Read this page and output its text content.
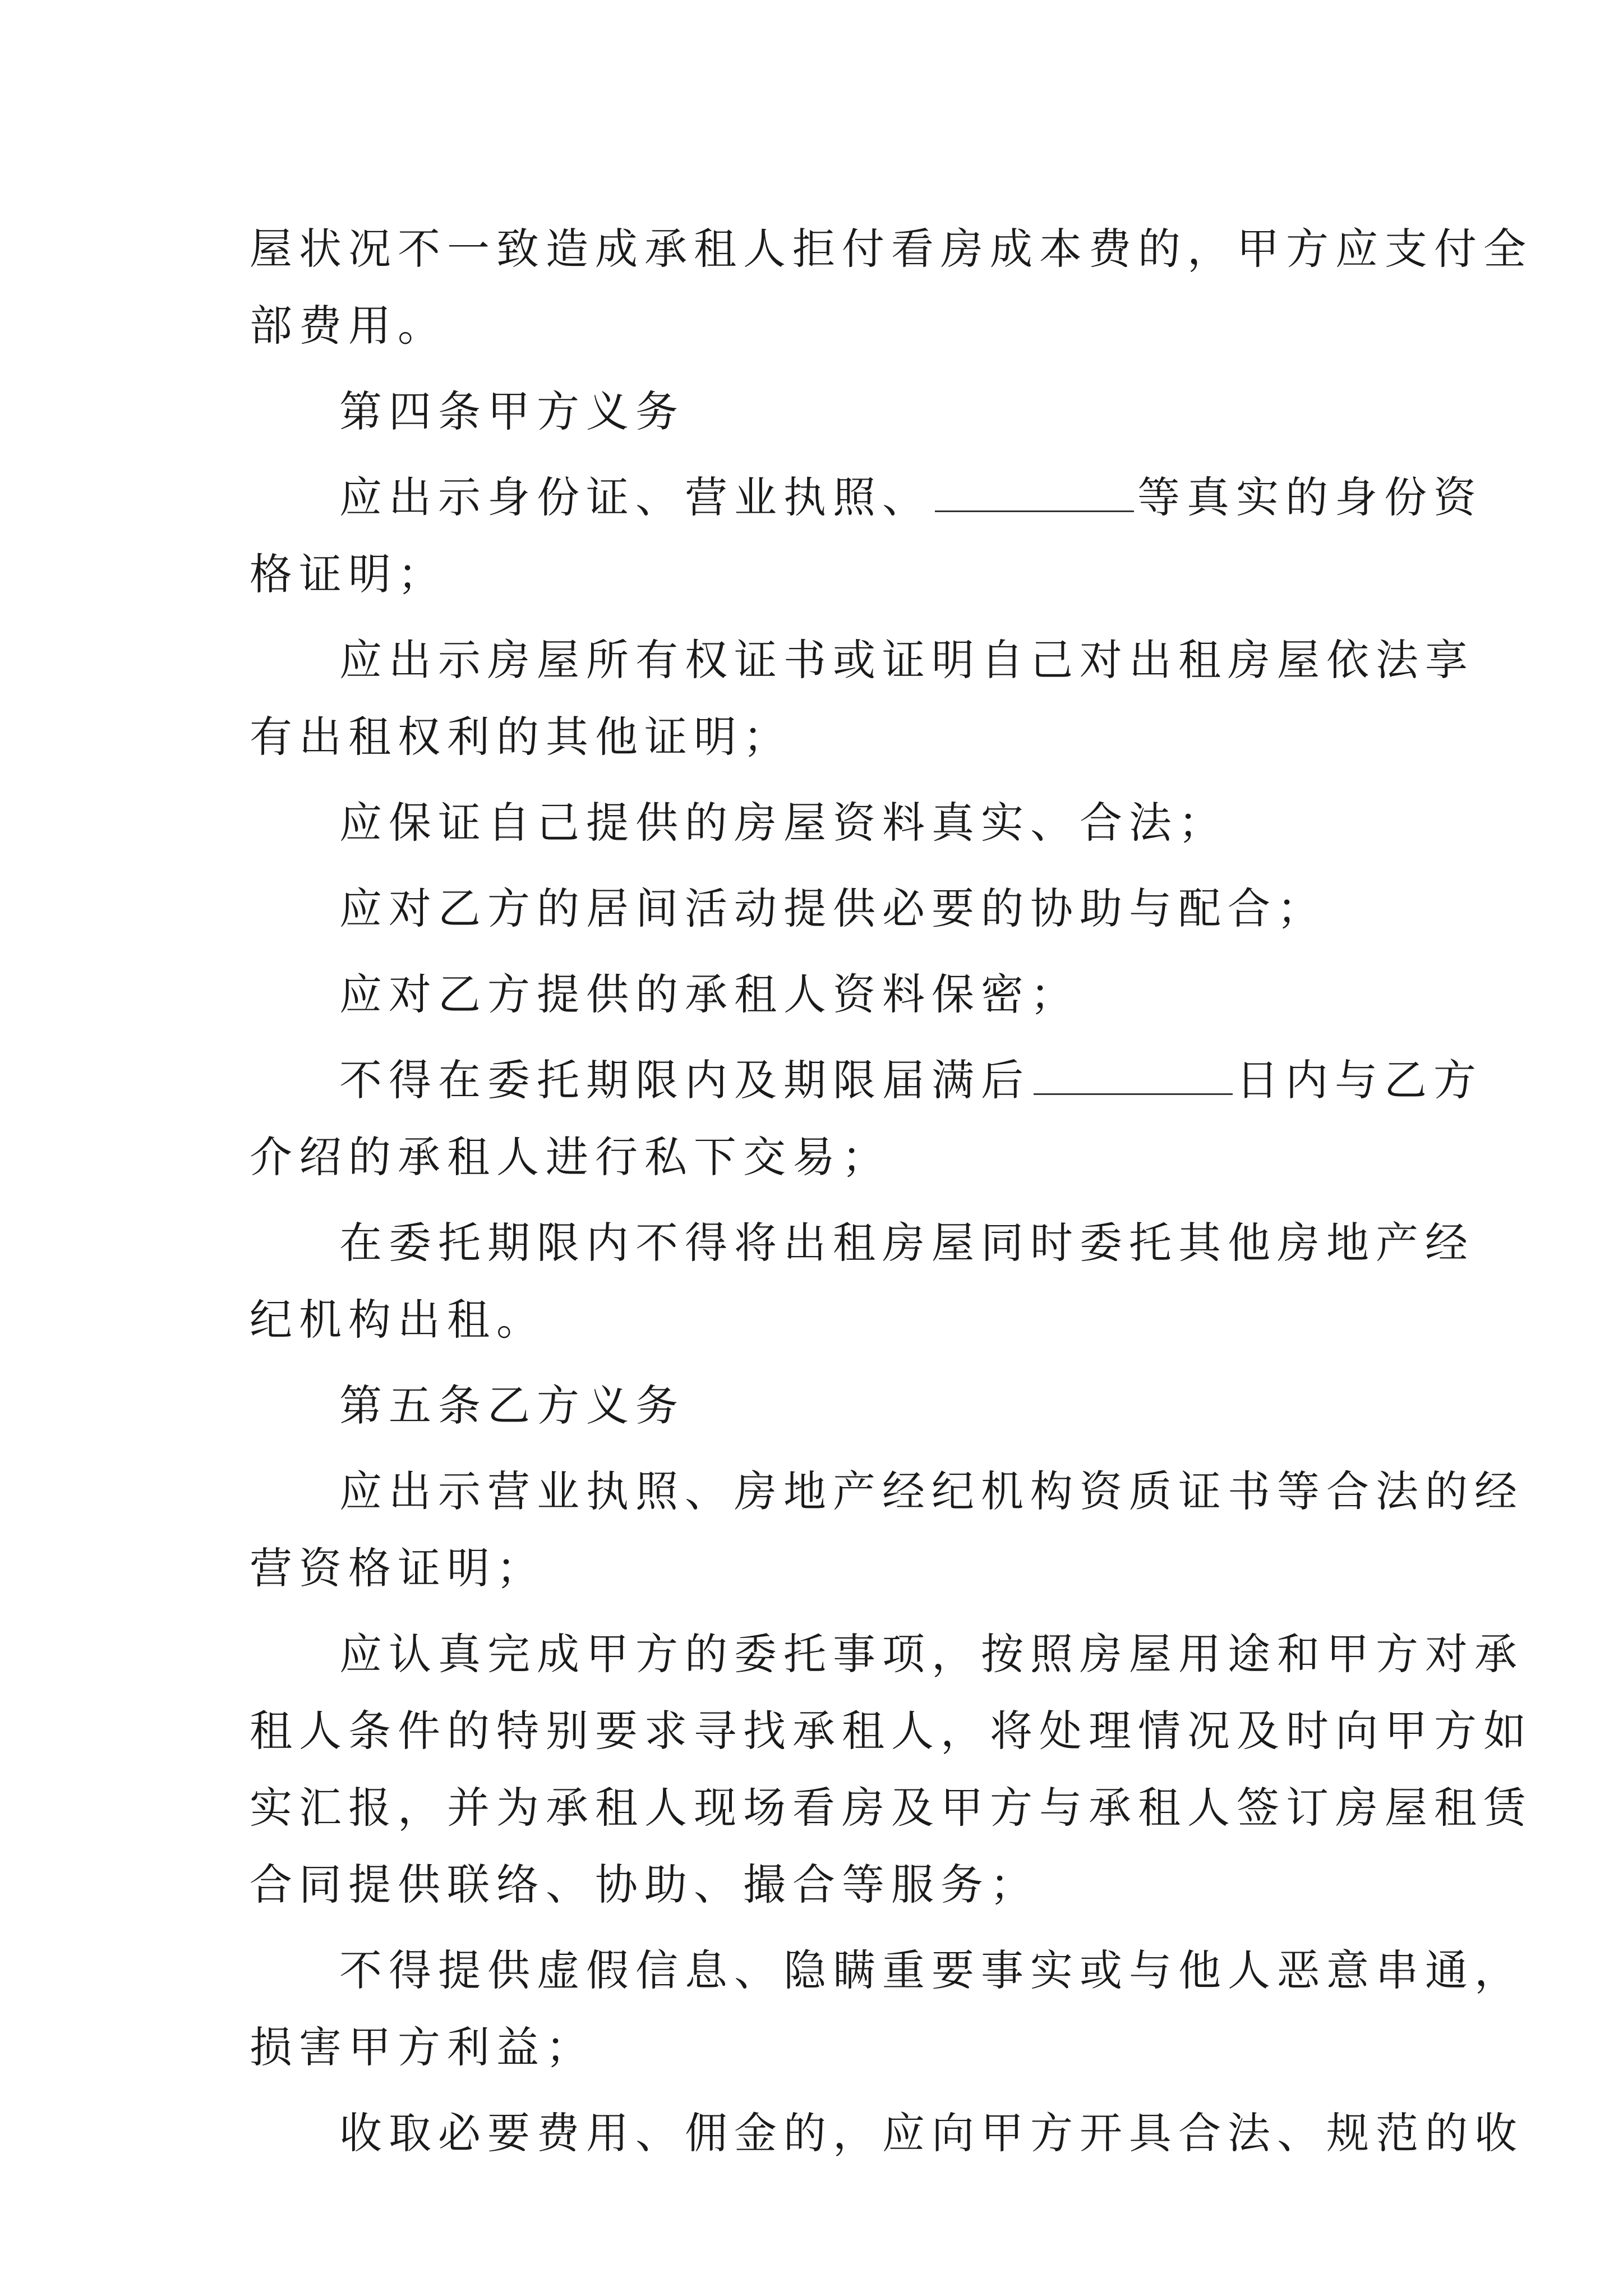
屋状况不一致造成承租人拒付看房成本费的，甲方应支付全
部费用。
第四条甲方义务
应出示身份证、营业执照、	等真实的身份资
格证明；
应出示房屋所有权证书或证明自己对出租房屋依法享
有出租权利的其他证明；
应保证自己提供的房屋资料真实、合法；
应对乙方的居间活动提供必要的协助与配合；
应对乙方提供的承租人资料保密；
不得在委托期限内及期限届满后	日内与乙方
介绍的承租人进行私下交易；
在委托期限内不得将出租房屋同时委托其他房地产经
纪机构出租。
第五条乙方义务
应出示营业执照、房地产经纪机构资质证书等合法的经
营资格证明；
应认真完成甲方的委托事项，按照房屋用途和甲方对承
租人条件的特别要求寻找承租人，将处理情况及时向甲方如
实汇报，并为承租人现场看房及甲方与承租人签订房屋租赁
合同提供联络、协助、撮合等服务；
不得提供虚假信息、隐瞒重要事实或与他人恶意串通，
损害甲方利益；
收取必要费用、佣金的，应向甲方开具合法、规范的收
